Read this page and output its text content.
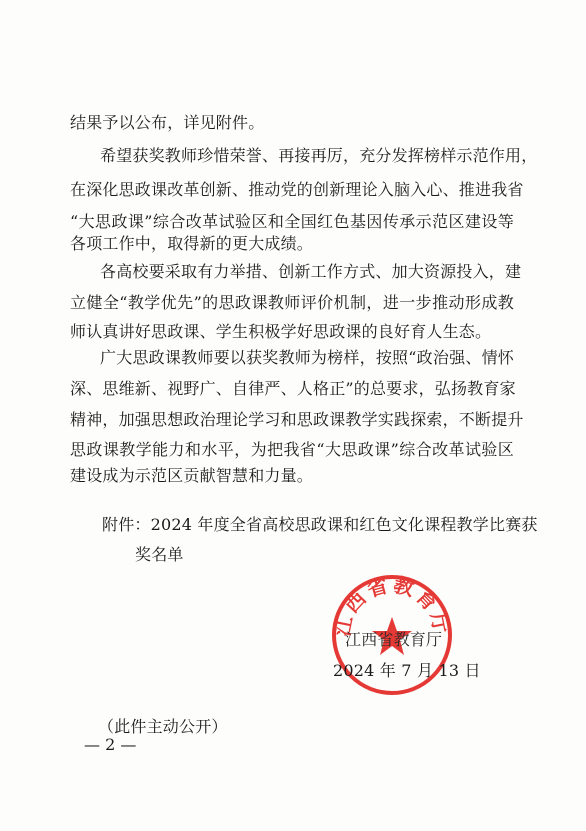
结果予以公布，详见附件。
希望获奖教师珍惜荣誉、再接再厉，充分发挥榜样示范作用，
在深化思政课改革创新、推动党的创新理论入脑入心、推进我省
“大思政课”综合改革试验区和全国红色基因传承示范区建设等
各项工作中，取得新的更大成绩。
各高校要采取有力举措、创新工作方式、加大资源投入，建
立健全“教学优先”的思政课教师评价机制，进一步推动形成教
师认真讲好思政课、学生积极学好思政课的良好育人生态。
广大思政课教师要以获奖教师为榜样，按照“政治强、情怀
深、思维新、视野广、自律严、人格正”的总要求，弘扬教育家
精神，加强思想政治理论学习和思政课教学实践探索，不断提升
思政课教学能力和水平，为把我省“大思政课”综合改革试验区
建设成为示范区贡献智慧和力量。
附件：2024 年度全省高校思政课和红色文化课程教学比赛获
奖名单
江西省教育厅
江西省教育厅
2024 年 7 月 13 日
（此件主动公开）
— 2 —
